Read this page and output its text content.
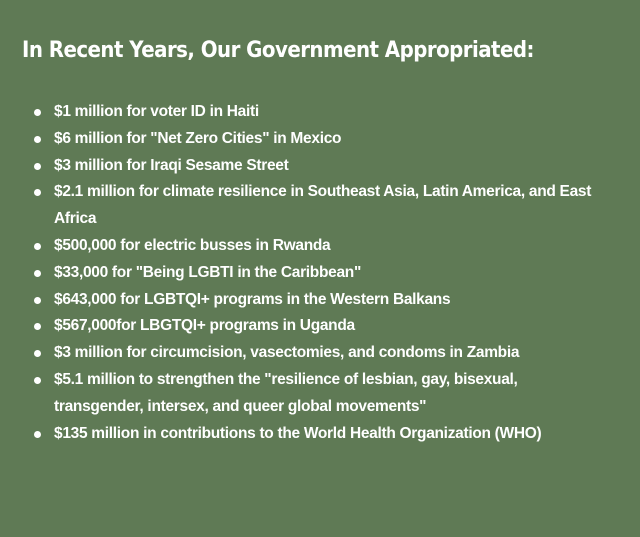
In Recent Years, Our Government Appropriated:
$1 million for voter ID in Haiti
$6 million for "Net Zero Cities" in Mexico
$3 million for Iraqi Sesame Street
$2.1 million for climate resilience in Southeast Asia, Latin America, and East Africa
$500,000 for electric busses in Rwanda
$33,000 for "Being LGBTI in the Caribbean"
$643,000 for LGBTQI+ programs in the Western Balkans
$567,000for LBGTQI+ programs in Uganda
$3 million for circumcision, vasectomies, and condoms in Zambia
$5.1 million to strengthen the "resilience of lesbian, gay, bisexual, transgender, intersex, and queer global movements"
$135 million in contributions to the World Health Organization (WHO)
